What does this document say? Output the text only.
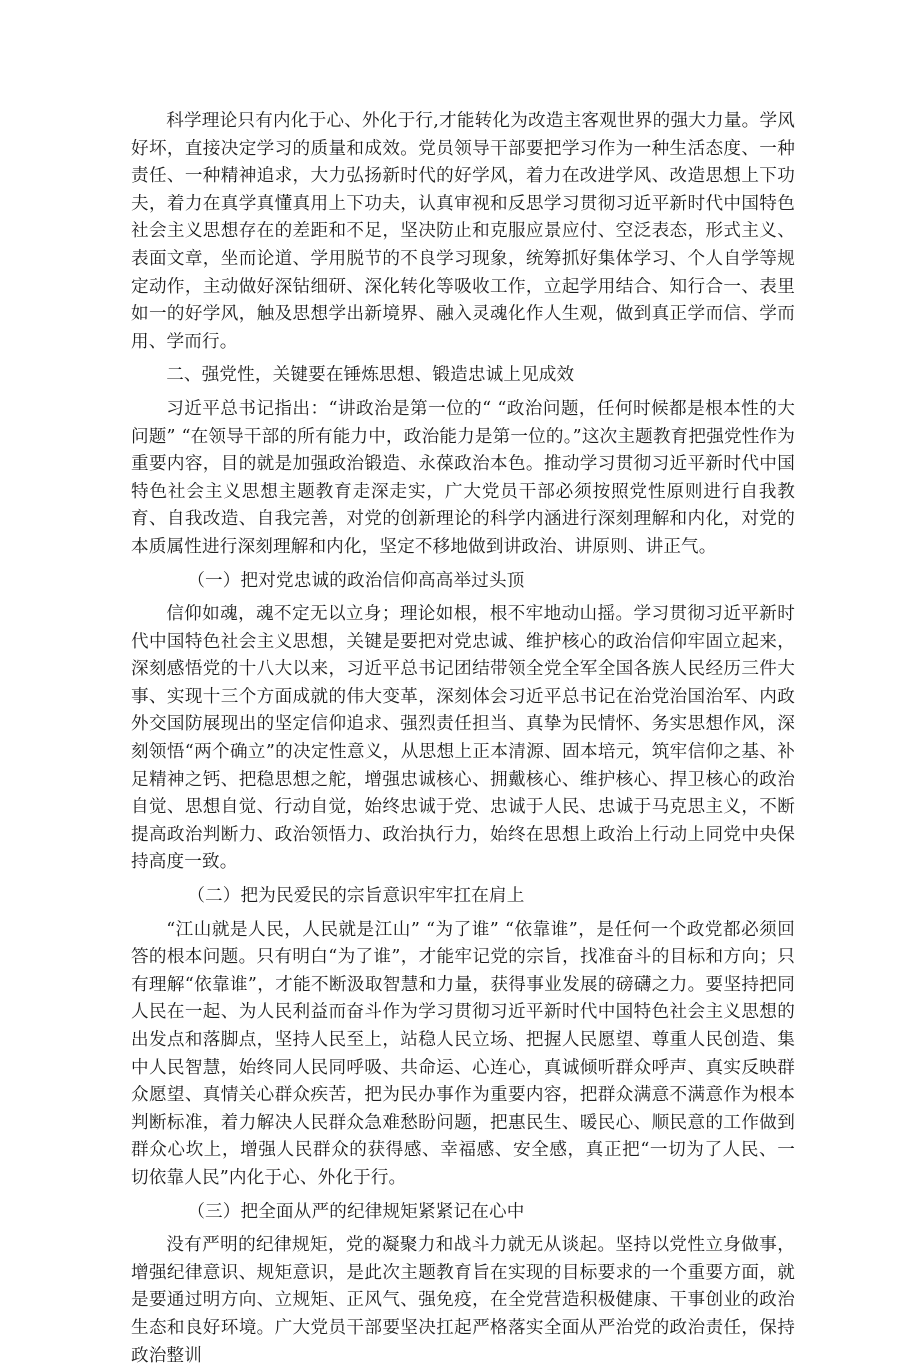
科学理论只有内化于心、外化于行,才能转化为改造主客观世界的强大力量。学风好坏，直接决定学习的质量和成效。党员领导干部要把学习作为一种生活态度、一种责任、一种精神追求，大力弘扬新时代的好学风，着力在改进学风、改造思想上下功夫，着力在真学真懂真用上下功夫，认真审视和反思学习贯彻习近平新时代中国特色社会主义思想存在的差距和不足，坚决防止和克服应景应付、空泛表态，形式主义、表面文章，坐而论道、学用脱节的不良学习现象，统筹抓好集体学习、个人自学等规定动作，主动做好深钻细研、深化转化等吸收工作，立起学用结合、知行合一、表里如一的好学风，触及思想学出新境界、融入灵魂化作人生观，做到真正学而信、学而用、学而行。

二、强党性，关键要在锤炼思想、锻造忠诚上见成效

习近平总书记指出：“讲政治是第一位的“ “政治问题，任何时候都是根本性的大问题” “在领导干部的所有能力中，政治能力是第一位的。”这次主题教育把强党性作为重要内容，目的就是加强政治锻造、永葆政治本色。推动学习贯彻习近平新时代中国特色社会主义思想主题教育走深走实，广大党员干部必须按照党性原则进行自我教育、自我改造、自我完善，对党的创新理论的科学内涵进行深刻理解和内化，对党的本质属性进行深刻理解和内化，坚定不移地做到讲政治、讲原则、讲正气。

（一）把对党忠诚的政治信仰高高举过头顶

信仰如魂，魂不定无以立身；理论如根，根不牢地动山摇。学习贯彻习近平新时代中国特色社会主义思想，关键是要把对党忠诚、维护核心的政治信仰牢固立起来，深刻感悟党的十八大以来，习近平总书记团结带领全党全军全国各族人民经历三件大事、实现十三个方面成就的伟大变革，深刻体会习近平总书记在治党治国治军、内政外交国防展现出的坚定信仰追求、强烈责任担当、真挚为民情怀、务实思想作风，深刻领悟“两个确立”的决定性意义，从思想上正本清源、固本培元，筑牢信仰之基、补足精神之钙、把稳思想之舵，增强忠诚核心、拥戴核心、维护核心、捍卫核心的政治自觉、思想自觉、行动自觉，始终忠诚于党、忠诚于人民、忠诚于马克思主义，不断提高政治判断力、政治领悟力、政治执行力，始终在思想上政治上行动上同党中央保持高度一致。

（二）把为民爱民的宗旨意识牢牢扛在肩上

“江山就是人民，人民就是江山” “为了谁” “依靠谁”，是任何一个政党都必须回答的根本问题。只有明白“为了谁”，才能牢记党的宗旨，找准奋斗的目标和方向；只有理解“依靠谁”，才能不断汲取智慧和力量，获得事业发展的磅礴之力。要坚持把同人民在一起、为人民利益而奋斗作为学习贯彻习近平新时代中国特色社会主义思想的出发点和落脚点，坚持人民至上，站稳人民立场、把握人民愿望、尊重人民创造、集中人民智慧，始终同人民同呼吸、共命运、心连心，真诚倾听群众呼声、真实反映群众愿望、真情关心群众疾苦，把为民办事作为重要内容，把群众满意不满意作为根本判断标准，着力解决人民群众急难愁盼问题，把惠民生、暖民心、顺民意的工作做到群众心坎上，增强人民群众的获得感、幸福感、安全感，真正把“一切为了人民、一切依靠人民”内化于心、外化于行。

（三）把全面从严的纪律规矩紧紧记在心中

没有严明的纪律规矩，党的凝聚力和战斗力就无从谈起。坚持以党性立身做事，增强纪律意识、规矩意识，是此次主题教育旨在实现的目标要求的一个重要方面，就是要通过明方向、立规矩、正风气、强免疫，在全党营造积极健康、干事创业的政治生态和良好环境。广大党员干部要坚决扛起严格落实全面从严治党的政治责任，保持政治整训
